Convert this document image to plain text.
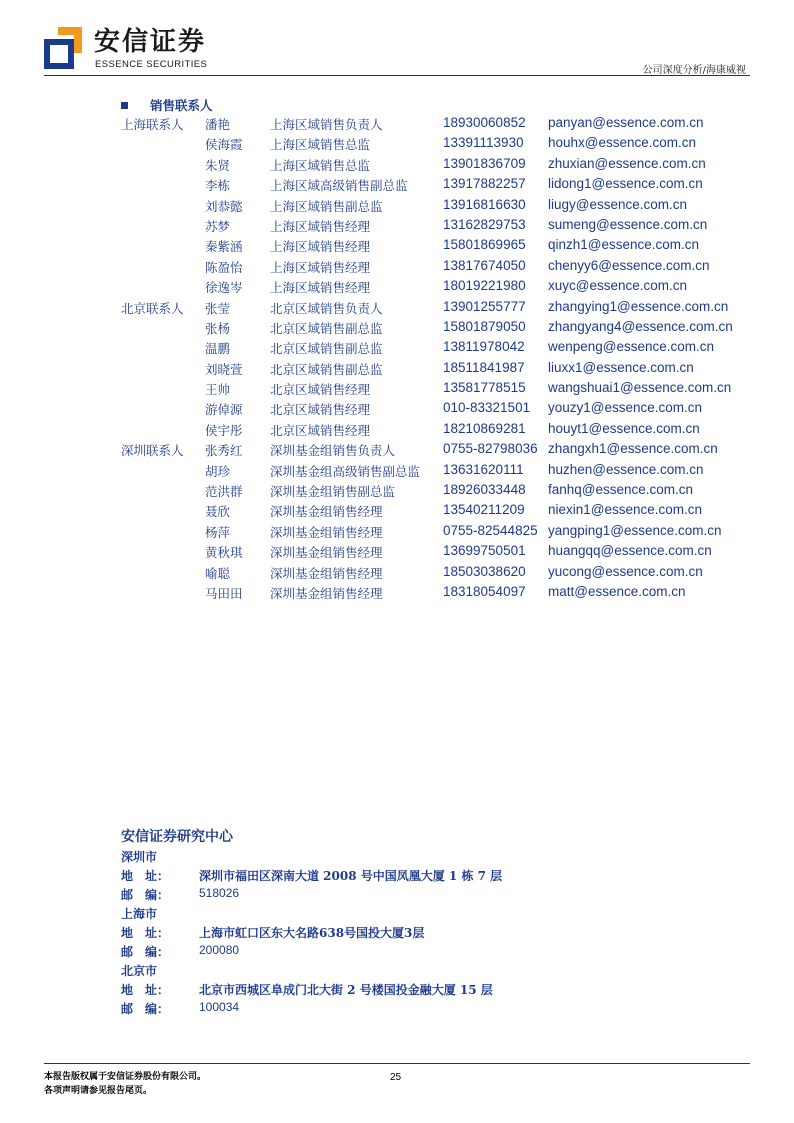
安信证券
ESSENCE SECURITIES
公司深度分析/海康威视
销售联系人
上海联系人 潘艳	上海区域销售负责人	18930060852 panyan@essence.com.cn
侯海霞 上海区域销售总监	13391113930 houhx@essence.com.cn
朱贤	上海区域销售总监	13901836709 zhuxian@essence.com.cn
李栋	上海区域高级销售副总监	13917882257 lidong1@essence.com.cn
刘恭懿 上海区域销售副总监	13916816630 liugy@essence.com.cn
苏梦	上海区域销售经理	13162829753 sumeng@essence.com.cn
秦紫涵 上海区域销售经理	15801869965 qinzh1@essence.com.cn
陈盈怡 上海区域销售经理	13817674050 chenyy6@essence.com.cn
徐逸岑 上海区域销售经理	18019221980 xuyc@essence.com.cn
北京联系人 张莹	北京区域销售负责人	13901255777 zhangying1@essence.com.cn
张杨	北京区域销售副总监	15801879050 zhangyang4@essence.com.cn
温鹏	北京区域销售副总监	13811978042 wenpeng@essence.com.cn
刘晓萱 北京区域销售副总监	18511841987 liuxx1@essence.com.cn
王帅	北京区域销售经理	13581778515 wangshuai1@essence.com.cn
游倬源 北京区域销售经理	010-83321501 youzy1@essence.com.cn
侯宇彤 北京区域销售经理	18210869281 houyt1@essence.com.cn
深圳联系人 张秀红 深圳基金组销售负责人	0755-82798036 zhangxh1@essence.com.cn
胡珍	深圳基金组高级销售副总监 13631620111 huzhen@essence.com.cn
范洪群 深圳基金组销售副总监	18926033448 fanhq@essence.com.cn
聂欣	深圳基金组销售经理	13540211209 niexin1@essence.com.cn
杨萍	深圳基金组销售经理	0755-82544825 yangping1@essence.com.cn
黄秋琪 深圳基金组销售经理	13699750501 huangqq@essence.com.cn
喻聪	深圳基金组销售经理	18503038620 yucong@essence.com.cn
马田田 深圳基金组销售经理	18318054097 matt@essence.com.cn
安信证券研究中心
深圳市
地　址： 深圳市福田区深南大道 2008 号中国凤凰大厦 1 栋 7 层
邮　编： 518026
上海市
地　址： 上海市虹口区东大名路638号国投大厦3层
邮　编： 200080
北京市
地　址： 北京市西城区阜成门北大街 2 号楼国投金融大厦 15 层
邮　编： 100034
本报告版权属于安信证券股份有限公司。
各项声明请参见报告尾页。
25
